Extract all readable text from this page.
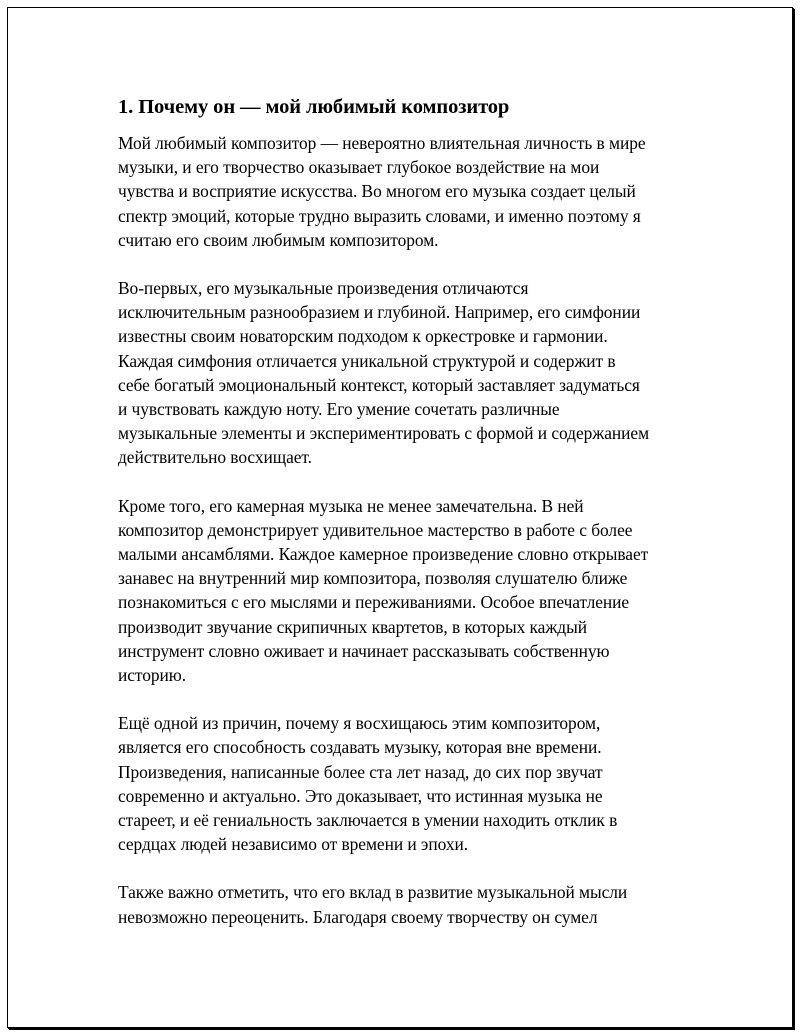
1. Почему он — мой любимый композитор

Мой любимый композитор — невероятно влиятельная личность в мире
музыки, и его творчество оказывает глубокое воздействие на мои
чувства и восприятие искусства. Во многом его музыка создает целый
спектр эмоций, которые трудно выразить словами, и именно поэтому я
считаю его своим любимым композитором.

Во-первых, его музыкальные произведения отличаются
исключительным разнообразием и глубиной. Например, его симфонии
известны своим новаторским подходом к оркестровке и гармонии.
Каждая симфония отличается уникальной структурой и содержит в
себе богатый эмоциональный контекст, который заставляет задуматься
и чувствовать каждую ноту. Его умение сочетать различные
музыкальные элементы и экспериментировать с формой и содержанием
действительно восхищает.

Кроме того, его камерная музыка не менее замечательна. В ней
композитор демонстрирует удивительное мастерство в работе с более
малыми ансамблями. Каждое камерное произведение словно открывает
занавес на внутренний мир композитора, позволяя слушателю ближе
познакомиться с его мыслями и переживаниями. Особое впечатление
производит звучание скрипичных квартетов, в которых каждый
инструмент словно оживает и начинает рассказывать собственную
историю.

Ещё одной из причин, почему я восхищаюсь этим композитором,
является его способность создавать музыку, которая вне времени.
Произведения, написанные более ста лет назад, до сих пор звучат
современно и актуально. Это доказывает, что истинная музыка не
стареет, и её гениальность заключается в умении находить отклик в
сердцах людей независимо от времени и эпохи.

Также важно отметить, что его вклад в развитие музыкальной мысли
невозможно переоценить. Благодаря своему творчеству он сумел
